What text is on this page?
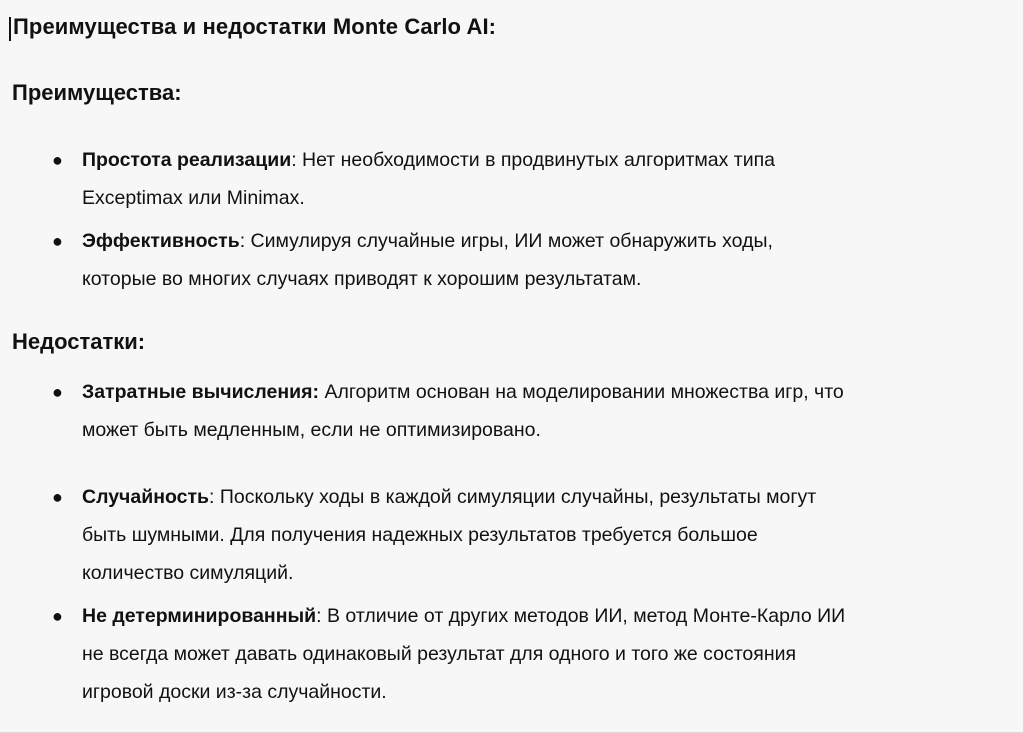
Преимущества и недостатки Monte Carlo AI:
Преимущества:
● Простота реализации: Нет необходимости в продвинутых алгоритмах типа
Exceptimax или Minimax.
● Эффективность: Симулируя случайные игры, ИИ может обнаружить ходы,
которые во многих случаях приводят к хорошим результатам.
Недостатки:
● Затратные вычисления: Алгоритм основан на моделировании множества игр, что
может быть медленным, если не оптимизировано.
● Случайность: Поскольку ходы в каждой симуляции случайны, результаты могут
быть шумными. Для получения надежных результатов требуется большое
количество симуляций.
● Не детерминированный: В отличие от других методов ИИ, метод Монте-Карло ИИ
не всегда может давать одинаковый результат для одного и того же состояния
игровой доски из-за случайности.
